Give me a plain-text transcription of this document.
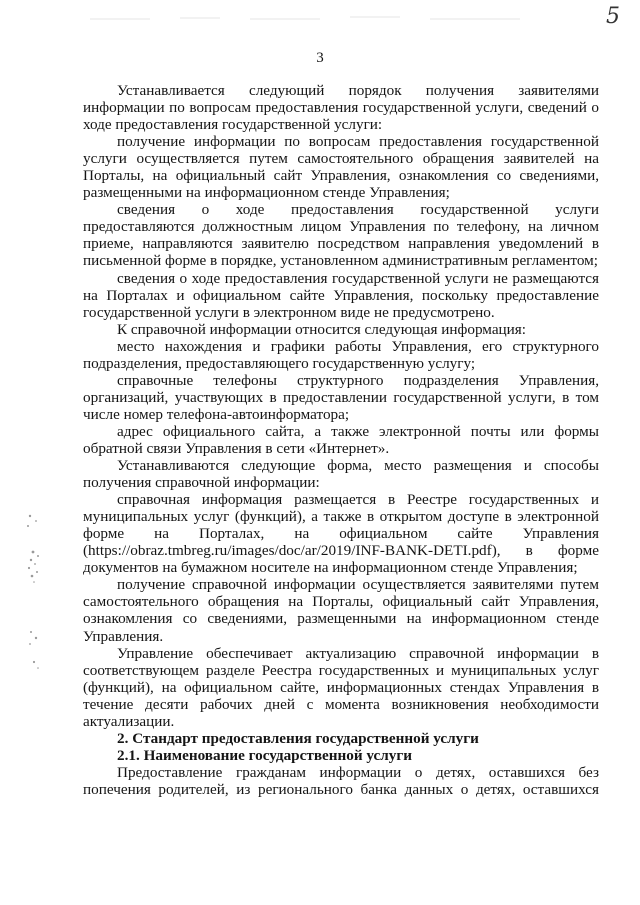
5
3

Устанавливается следующий порядок получения заявителями информации по вопросам предоставления государственной услуги, сведений о ходе предоставления государственной услуги:

получение информации по вопросам предоставления государственной услуги осуществляется путем самостоятельного обращения заявителей на Порталы, на официальный сайт Управления, ознакомления со сведениями, размещенными на информационном стенде Управления;

сведения о ходе предоставления государственной услуги предоставляются должностным лицом Управления по телефону, на личном приеме, направляются заявителю посредством направления уведомлений в письменной форме в порядке, установленном административным регламентом;

сведения о ходе предоставления государственной услуги не размещаются на Порталах и официальном сайте Управления, поскольку предоставление государственной услуги в электронном виде не предусмотрено.

К справочной информации относится следующая информация:

место нахождения и графики работы Управления, его структурного подразделения, предоставляющего государственную услугу;

справочные телефоны структурного подразделения Управления, организаций, участвующих в предоставлении государственной услуги, в том числе номер телефона-автоинформатора;

адрес официального сайта, а также электронной почты или формы обратной связи Управления в сети «Интернет».

Устанавливаются следующие форма, место размещения и способы получения справочной информации:

справочная информация размещается в Реестре государственных и муниципальных услуг (функций), а также в открытом доступе в электронной форме на Порталах, на официальном сайте Управления (https://obraz.tmbreg.ru/images/doc/ar/2019/INF-BANK-DETI.pdf), в форме документов на бумажном носителе на информационном стенде Управления;

получение справочной информации осуществляется заявителями путем самостоятельного обращения на Порталы, официальный сайт Управления, ознакомления со сведениями, размещенными на информационном стенде Управления.

Управление обеспечивает актуализацию справочной информации в соответствующем разделе Реестра государственных и муниципальных услуг (функций), на официальном сайте, информационных стендах Управления в течение десяти рабочих дней с момента возникновения необходимости актуализации.

2. Стандарт предоставления государственной услуги

2.1. Наименование государственной услуги

Предоставление гражданам информации о детях, оставшихся без попечения родителей, из регионального банка данных о детях, оставшихся
